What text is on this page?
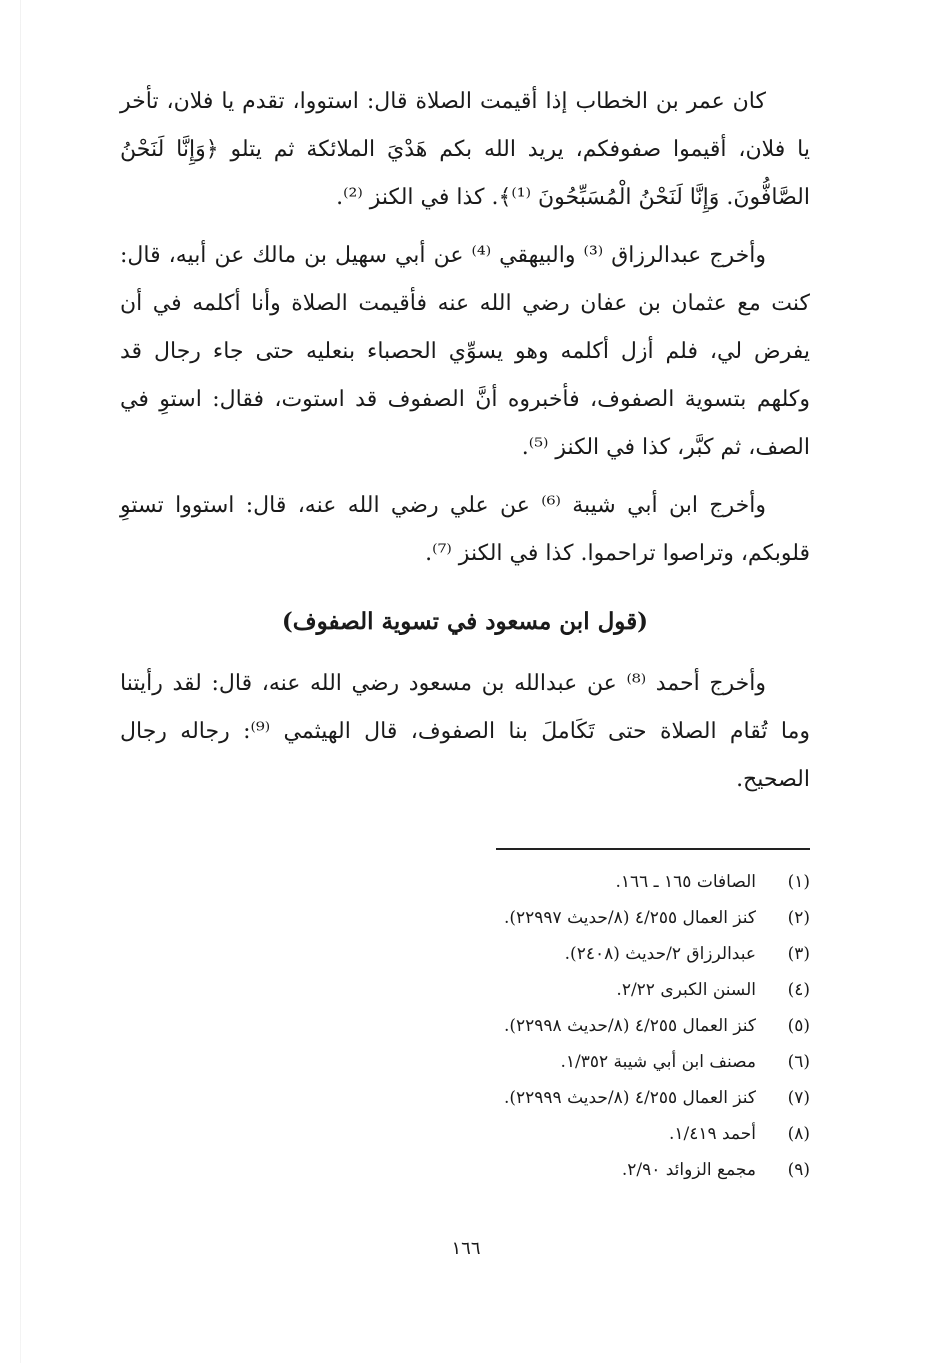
كان عمر بن الخطاب إذا أقيمت الصلاة قال: استووا، تقدم يا فلان، تأخر يا فلان، أقيموا صفوفكم، يريد الله بكم هَدْيَ الملائكة ثم يتلو ﴿وَإِنَّا لَنَحْنُ الصَّافُّونَ. وَإِنَّا لَنَحْنُ الْمُسَبِّحُونَ ⁽¹⁾﴾. كذا في الكنز ⁽²⁾.

وأخرج عبدالرزاق ⁽³⁾ والبيهقي ⁽⁴⁾ عن أبي سهيل بن مالك عن أبيه، قال: كنت مع عثمان بن عفان رضي الله عنه فأقيمت الصلاة وأنا أكلمه في أن يفرض لي، فلم أزل أكلمه وهو يسوِّي الحصباء بنعليه حتى جاء رجال قد وكلهم بتسوية الصفوف، فأخبروه أنَّ الصفوف قد استوت، فقال: استوِ في الصف، ثم كبَّر، كذا في الكنز ⁽⁵⁾.

وأخرج ابن أبي شيبة ⁽⁶⁾ عن علي رضي الله عنه، قال: استووا تستوِ قلوبكم، وتراصوا تراحموا. كذا في الكنز ⁽⁷⁾.

(قول ابن مسعود في تسوية الصفوف)

وأخرج أحمد ⁽⁸⁾ عن عبدالله بن مسعود رضي الله عنه، قال: لقد رأيتنا وما تُقام الصلاة حتى تَكَاملَ بنا الصفوف، قال الهيثمي ⁽⁹⁾: رجاله رجال الصحيح.

(١)
الصافات ١٦٥ ـ ١٦٦.
(٢)
كنز العمال ٤/٢٥٥ (٨/حديث ٢٢٩٩٧).
(٣)
عبدالرزاق ٢/حديث (٢٤٠٨).
(٤)
السنن الكبرى ٢/٢٢.
(٥)
كنز العمال ٤/٢٥٥ (٨/حديث ٢٢٩٩٨).
(٦)
مصنف ابن أبي شيبة ١/٣٥٢.
(٧)
كنز العمال ٤/٢٥٥ (٨/حديث ٢٢٩٩٩).
(٨)
أحمد ١/٤١٩.
(٩)
مجمع الزوائد ٢/٩٠.
١٦٦
